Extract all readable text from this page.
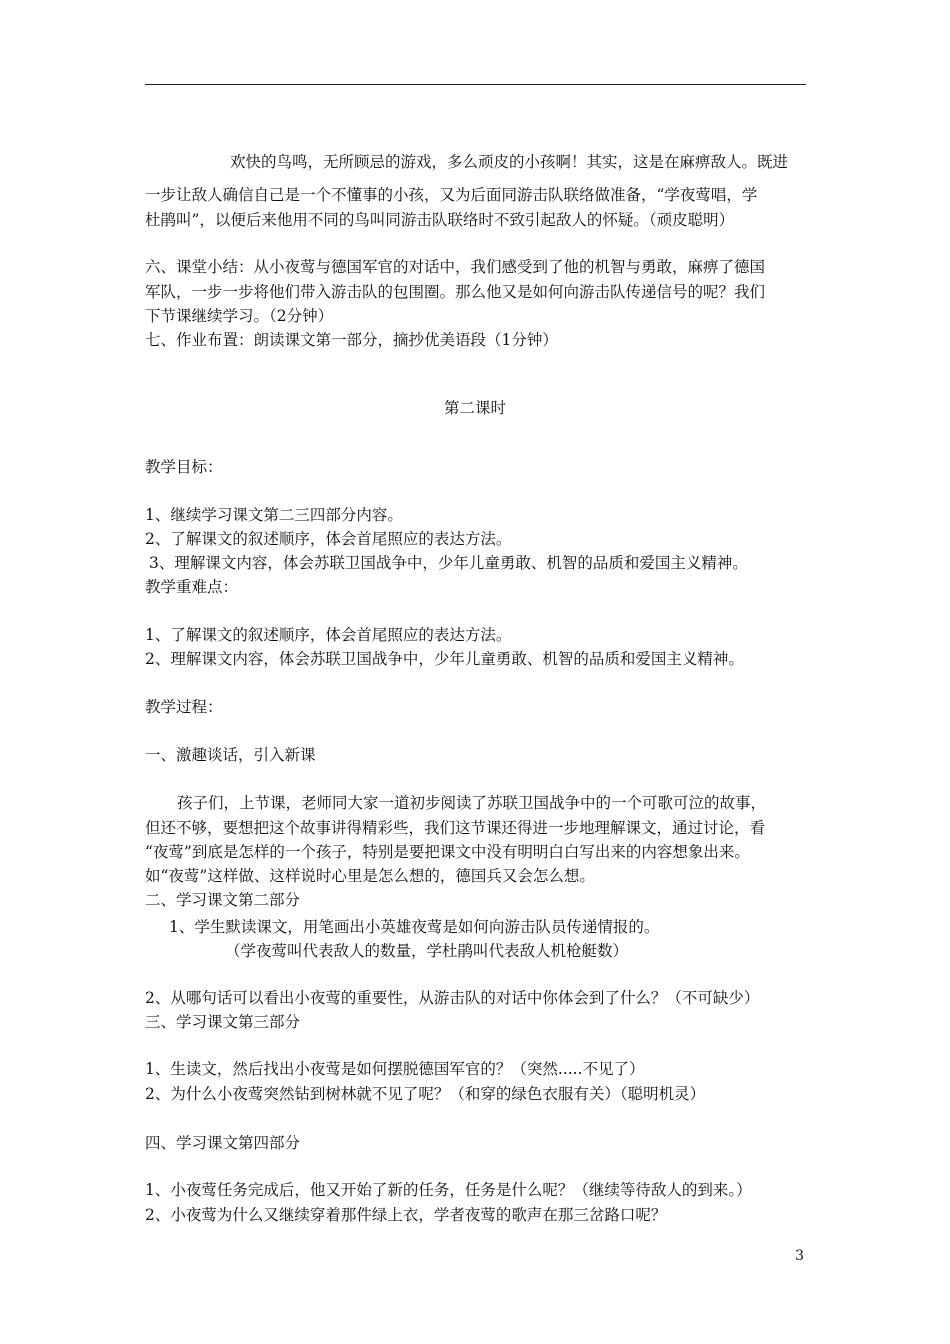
第二课时
欢快的鸟鸣，无所顾忌的游戏，多么顽皮的小孩啊！其实，这是在麻痹敌人。既进
一步让敌人确信自己是一个不懂事的小孩，又为后面同游击队联络做准备，“学夜莺唱，学
杜鹃叫”，以便后来他用不同的鸟叫同游击队联络时不致引起敌人的怀疑。（顽皮聪明）
六、课堂小结：从小夜莺与德国军官的对话中，我们感受到了他的机智与勇敢，麻痹了德国
军队，一步一步将他们带入游击队的包围圈。那么他又是如何向游击队传递信号的呢？我们
下节课继续学习。（2分钟）
七、作业布置：朗读课文第一部分，摘抄优美语段（1分钟）
教学目标：
1、继续学习课文第二三四部分内容。
2、了解课文的叙述顺序，体会首尾照应的表达方法。
3、理解课文内容，体会苏联卫国战争中，少年儿童勇敢、机智的品质和爱国主义精神。
教学重难点：
1、了解课文的叙述顺序，体会首尾照应的表达方法。
2、理解课文内容，体会苏联卫国战争中，少年儿童勇敢、机智的品质和爱国主义精神。
教学过程：
一、激趣谈话，引入新课
孩子们，上节课，老师同大家一道初步阅读了苏联卫国战争中的一个可歌可泣的故事，
但还不够，要想把这个故事讲得精彩些，我们这节课还得进一步地理解课文，通过讨论，看
“夜莺”到底是怎样的一个孩子，特别是要把课文中没有明明白白写出来的内容想象出来。
如“夜莺”这样做、这样说时心里是怎么想的，德国兵又会怎么想。
二、学习课文第二部分
1、学生默读课文，用笔画出小英雄夜莺是如何向游击队员传递情报的。
（学夜莺叫代表敌人的数量，学杜鹃叫代表敌人机枪艇数）
2、从哪句话可以看出小夜莺的重要性，从游击队的对话中你体会到了什么？（不可缺少）
三、学习课文第三部分
1、生读文，然后找出小夜莺是如何摆脱德国军官的？（突然.....不见了）
2、为什么小夜莺突然钻到树林就不见了呢？（和穿的绿色衣服有关）（聪明机灵）
四、学习课文第四部分
1、小夜莺任务完成后，他又开始了新的任务，任务是什么呢？（继续等待敌人的到来。）
2、小夜莺为什么又继续穿着那件绿上衣，学者夜莺的歌声在那三岔路口呢？
3
